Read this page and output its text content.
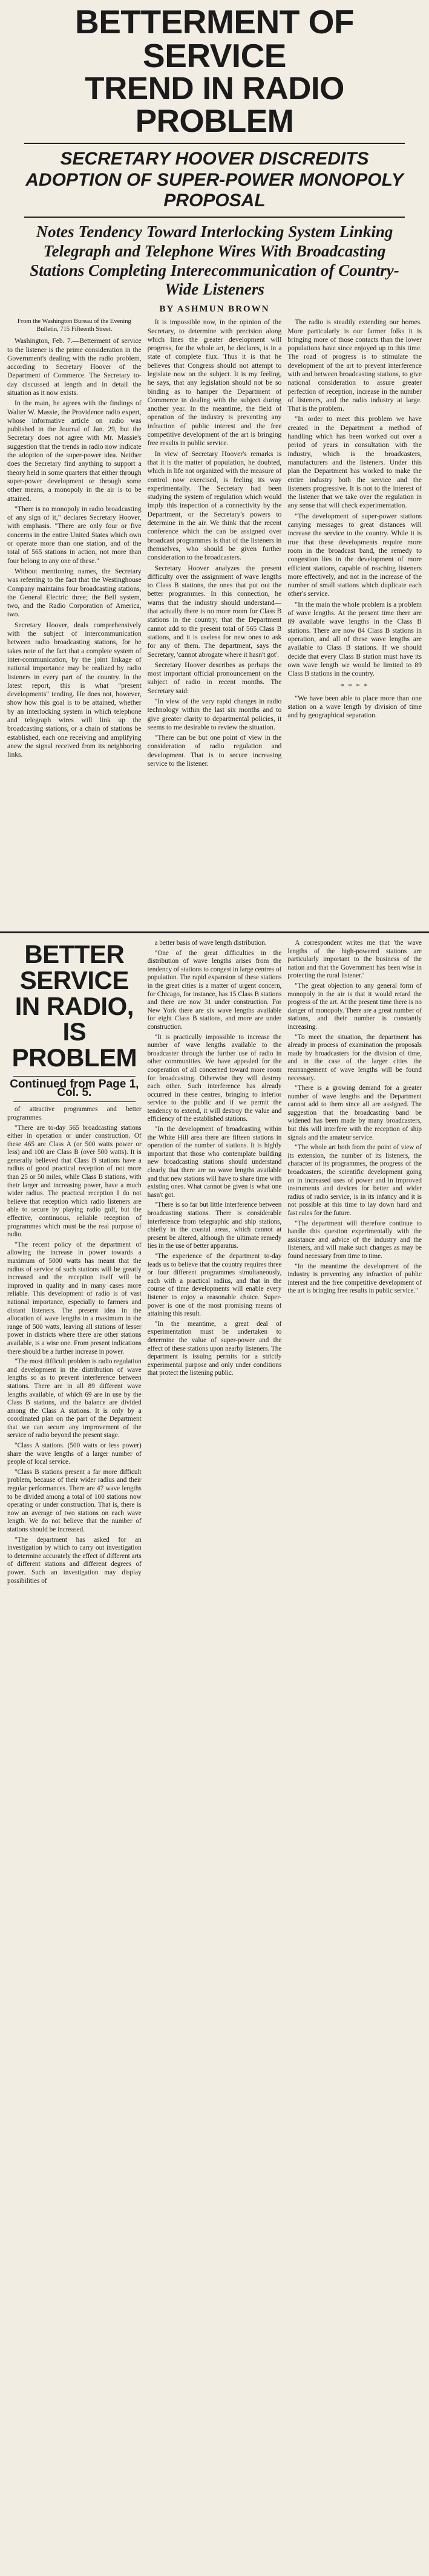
BETTERMENT OF SERVICE
TREND IN RADIO PROBLEM
SECRETARY HOOVER DISCREDITS ADOPTION OF SUPER-POWER MONOPOLY PROPOSAL
Notes Tendency Toward Interlocking System Linking Telegraph and Telephone Wires With Broadcasting Stations Completing Interecommunication of Country-Wide Listeners
BY ASHMUN BROWN
From the Washington Bureau of the Evening Bulletin, 715 Fifteenth Street.

Washington, Feb. 7.—Betterment of service to the listener is the prime consideration in the Government's dealing with the radio problem, according to Secretary Hoover of the Department of Commerce. The Secretary to-day discussed at length and in detail the situation as it now exists.

In the main, he agrees with the findings of Walter W. Massie, the Providence radio expert, whose informative article on radio was published in the Journal of Jan. 29, but the Secretary does not agree with Mr. Massie's suggestion that the trends in radio now indicate the adoption of the super-power idea. Neither does the Secretary find anything to support a theory held in some quarters that either through super-power development or through some other means, a monopoly in the air is to be attained.

"There is no monopoly in radio broadcasting of any sign of it," declares Secretary Hoover, with emphasis. "There are only four or five concerns in the entire United States which own or operate more than one station, and of the total of 565 stations in action, not more than four belong to any one of these."

Without mentioning names, the Secretary was referring to the fact that the Westinghouse Company maintains four broadcasting stations, the General Electric three; the Bell system, two, and the Radio Corporation of America, two.

Secretary Hoover, deals comprehensively with the subject of intercommunication between radio broadcasting stations, for he takes note of the fact that a complete system of inter-communication, by the joint linkage of national importance may be realized by radio listeners in every part of the country. In the latest report, this is what "present developments" tending. He does not, however, show how this goal is to be attained, whether by an interlocking system in which telephone and telegraph wires will link up the broadcasting stations, or a chain of stations be established, each one receiving and amplifying anew the signal received from its neighboring links.

It is impossible now, in the opinion of the Secretary, to determine with precision along which lines the greater development will progress, for the whole art, he declares, is in a state of complete flux. Thus it is that he believes that Congress should not attempt to legislate now on the subject. It is my feeling, he says, that any legislation should not be so binding as to hamper the Department of Commerce in dealing with the subject during another year. In the meantime, the field of operation of the industry is preventing any infraction of public interest and the free competitive development of the art is bringing free results in public service.

In view of Secretary Hoover's remarks is that it is the matter of population, he doubted, which in life not organized with the measure of control now exercised, is feeling its way experimentally. The Secretary had been studying the system of regulation which would imply this inspection of a connectivity by the Department, or the Secretary's powers to determine in the air. We think that the recent conference which the can be assigned over broadcast programmes is that of the listeners in themselves, who should be given further consideration to the broadcasters.

Secretary Hoover analyzes the present difficulty over the assignment of wave lengths to Class B stations, the ones that put out the better programmes. In this connection, he warns that the industry should understand—that actually there is no more room for Class B stations in the country; that the Department cannot add to the present total of 565 Class B stations, and it is useless for new ones to ask for any of them. The department, says the Secretary, 'cannot abrogate where it hasn't got'.

Secretary Hoover describes as perhaps the most important official pronouncement on the subject of radio in recent months. The Secretary said:

"In view of the very rapid changes in radio technology within the last six months and to give greater clarity to departmental policies, it seems to me desirable to review the situation.

"There can be but one point of view in the consideration of radio regulation and development. That is to secure increasing service to the listener.

The radio is steadily extending our homes. More particularly is our farmer folks it is bringing more of those contacts than the lower populations have since enjoyed up to this time. The road of progress is to stimulate the development of the art to prevent interference with and between broadcasting stations, to give national consideration to assure greater perfection of reception, increase in the number of listeners, and the radio industry at large. That is the problem.

"In order to meet this problem we have created in the Department a method of handling which has been worked out over a period of years in consultation with the industry, which is the broadcasters, manufacturers and the listeners. Under this plan the Department has worked to make the entire industry both the service and the listeners progressive. It is not to the interest of the listener that we take over the regulation in any sense that will check experimentation.

"The development of super-power stations carrying messages to great distances will increase the service to the country. While it is true that these developments require more room in the broadcast band, the remedy to congestion lies in the development of more efficient stations, capable of reaching listeners more effectively, and not in the increase of the number of small stations which duplicate each other's service.

"In the main the whole problem is a problem of wave lengths. At the present time there are 89 available wave lengths in the Class B stations. There are now 84 Class B stations in operation, and all of these wave lengths are available to Class B stations. If we should decide that every Class B station must have its own wave length we would be limited to 89 Class B stations in the country.

* * * *

"We have been able to place more than one station on a wave length by division of time and by geographical separation.

BETTER SERVICE IN RADIO, IS PROBLEM
Continued from Page 1, Col. 5.

of attractive programmes and better programmes.

"There are to-day 565 broadcasting stations either in operation or under construction. Of these 465 are Class A (or 500 watts power or less) and 100 are Class B (over 500 watts). It is generally believed that Class B stations have a radius of good practical reception of not more than 25 or 50 miles, while Class B stations, with their larger and increasing power, have a much wider radius. The practical reception I do not believe that reception which radio listeners are able to secure by playing radio golf, but the effective, continuous, reliable reception of programmes which must be the real purpose of radio.

"The recent policy of the department of allowing the increase in power towards a maximum of 5000 watts has meant that the radius of service of such stations will be greatly increased and the reception itself will be improved in quality and in many cases more reliable. This development of radio is of vast national importance, especially to farmers and distant listeners. The present idea in the allocation of wave lengths in a maximum in the range of 500 watts, leaving all stations of lesser power in districts where there are other stations available, is a wise one. From present indications there should be a further increase in power.

"The most difficult problem is radio regulation and development in the distribution of wave lengths so as to prevent interference between stations. There are in all 89 different wave lengths available, of which 69 are in use by the Class B stations, and the balance are divided among the Class A stations. It is only by a coordinated plan on the part of the Department that we can secure any improvement of the service of radio beyond the present stage.

"Class A stations. (500 watts or less power) share the wave lengths of a larger number of people of local service.

"Class B stations present a far more difficult problem, because of their wider radius and their regular performances. There are 47 wave lengths to be divided among a total of 100 stations now operating or under construction. That is, there is now an average of two stations on each wave length. We do not believe that the number of stations should be increased.

"The department has asked for an investigation by which to carry out investigation to determine accurately the effect of different arts of different stations and different degrees of power. Such an investigation may display possibilities of

a better basis of wave length distribution.

"One of the great difficulties in the distribution of wave lengths arises from the tendency of stations to congest in large centres of population. The rapid expansion of these stations in the great cities is a matter of urgent concern, for Chicago, for instance, has 15 Class B stations and there are now 31 under construction. For New York there are six wave lengths available for eight Class B stations, and more are under construction.

"It is practically impossible to increase the number of wave lengths available to the broadcaster through the further use of radio in other communities. We have appealed for the cooperation of all concerned toward more room for broadcasting. Otherwise they will destroy each other. Such interference has already occurred in these centres, bringing to inferior service to the public and if we permit the tendency to extend, it will destroy the value and efficiency of the established stations.

"In the development of broadcasting within the White Hill area there are fifteen stations in operation of the number of stations. It is highly important that those who contemplate building new broadcasting stations should understand clearly that there are no wave lengths available and that new stations will have to share time with existing ones. What cannot be given is what one hasn't got.

"There is so far but little interference between broadcasting stations. There is considerable interference from telegraphic and ship stations, chiefly in the coastal areas, which cannot at present be altered, although the ultimate remedy lies in the use of better apparatus.

"The experience of the department to-day leads us to believe that the country requires three or four different programmes simultaneously, each with a practical radius, and that in the course of time developments will enable every listener to enjoy a reasonable choice. Super-power is one of the most promising means of attaining this result.

"In the meantime, a great deal of experimentation must be undertaken to determine the value of super-power and the effect of these stations upon nearby listeners. The department is issuing permits for a strictly experimental purpose and only under conditions that protect the listening public.

A correspondent writes me that 'the wave lengths of the high-powered stations are particularly important to the business of the nation and that the Government has been wise in protecting the rural listener.'

"The great objection to any general form of monopoly in the air is that it would retard the progress of the art. At the present time there is no danger of monopoly. There are a great number of stations, and their number is constantly increasing.

"To meet the situation, the department has already in process of examination the proposals made by broadcasters for the division of time, and in the case of the larger cities the rearrangement of wave lengths will be found necessary.

"There is a growing demand for a greater number of wave lengths and the Department cannot add to them since all are assigned. The suggestion that the broadcasting band be widened has been made by many broadcasters, but this will interfere with the reception of ship signals and the amateur service.

"The whole art both from the point of view of its extension, the number of its listeners, the character of its programmes, the progress of the broadcasters, the scientific development going on in increased uses of power and in improved instruments and devices for better and wider radius of radio service, is in its infancy and it is not possible at this time to lay down hard and fast rules for the future.

"The department will therefore continue to handle this question experimentally with the assistance and advice of the industry and the listeners, and will make such changes as may be found necessary from time to time.

"In the meantime the development of the industry is preventing any infraction of public interest and the free competitive development of the art is bringing free results in public service."
